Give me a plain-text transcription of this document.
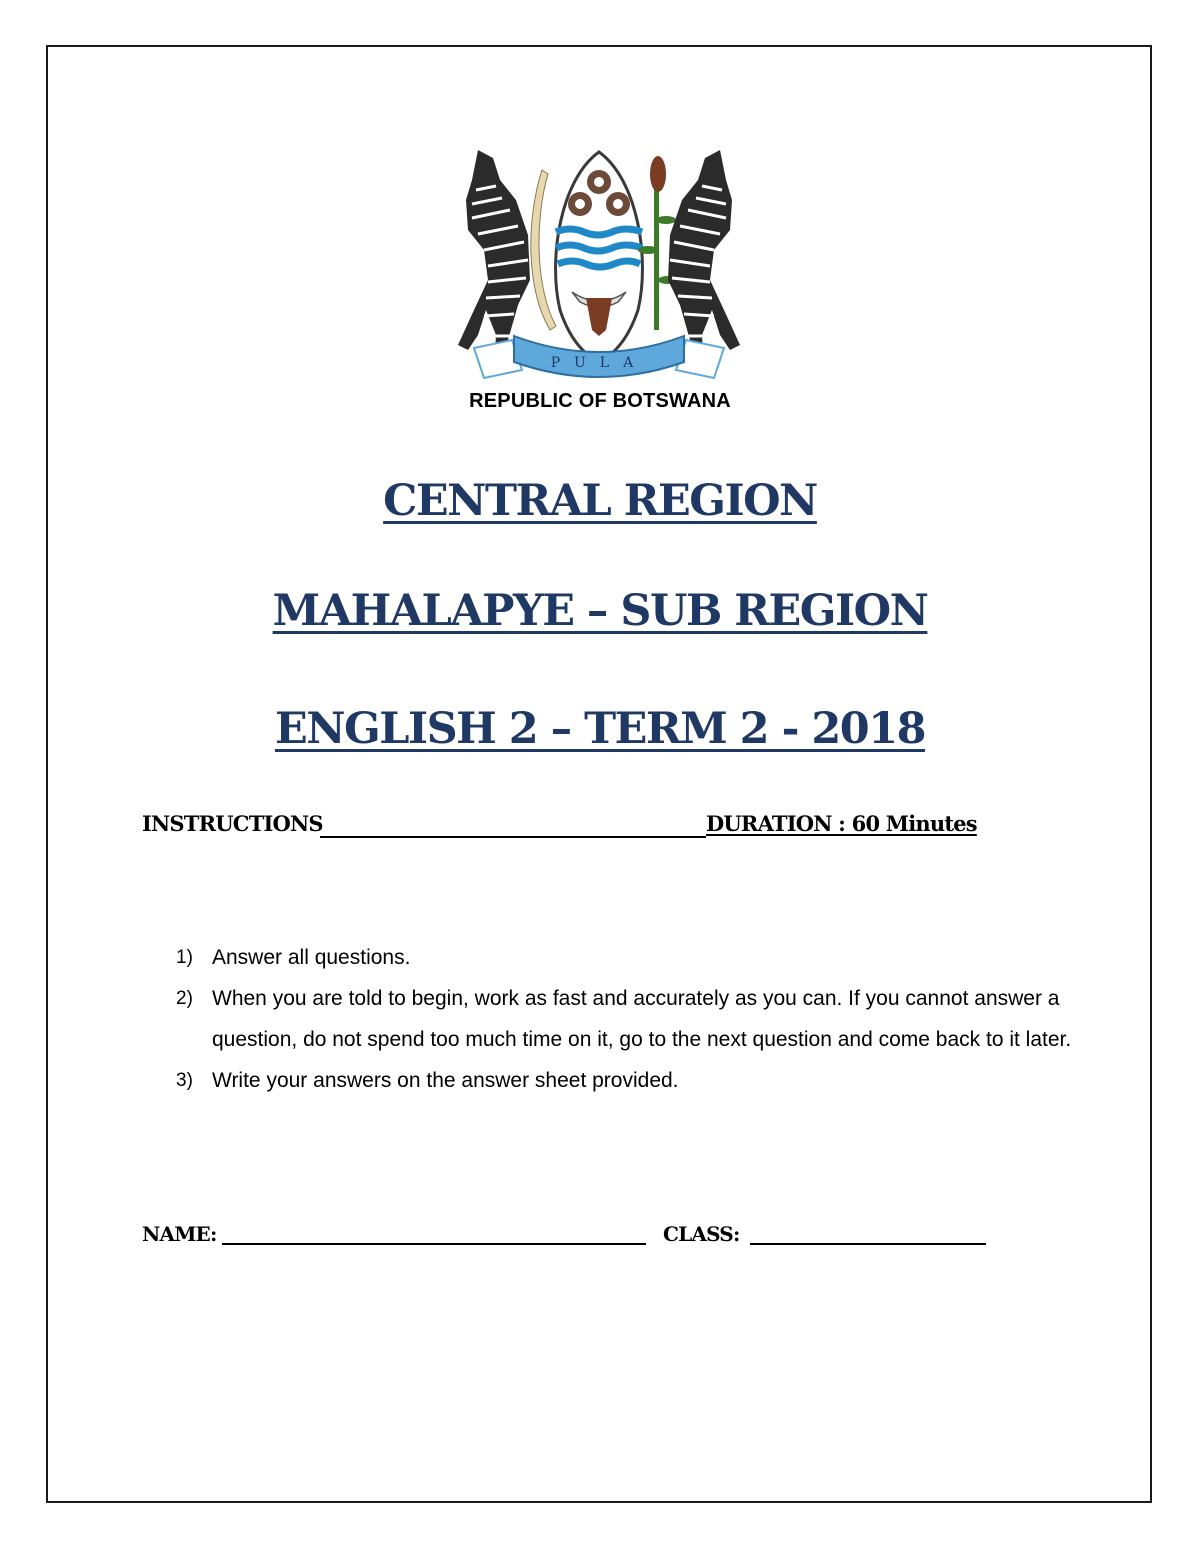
PULA
REPUBLIC OF BOTSWANA
CENTRAL REGION
MAHALAPYE – SUB REGION
ENGLISH 2 – TERM 2 - 2018
INSTRUCTIONS	DURATION : 60 Minutes
1) Answer all questions.
2) When you are told to begin, work as fast and accurately as you can. If you cannot answer a question, do not spend too much time on it, go to the next question and come back to it later.
3) Write your answers on the answer sheet provided.
NAME:	CLASS:
